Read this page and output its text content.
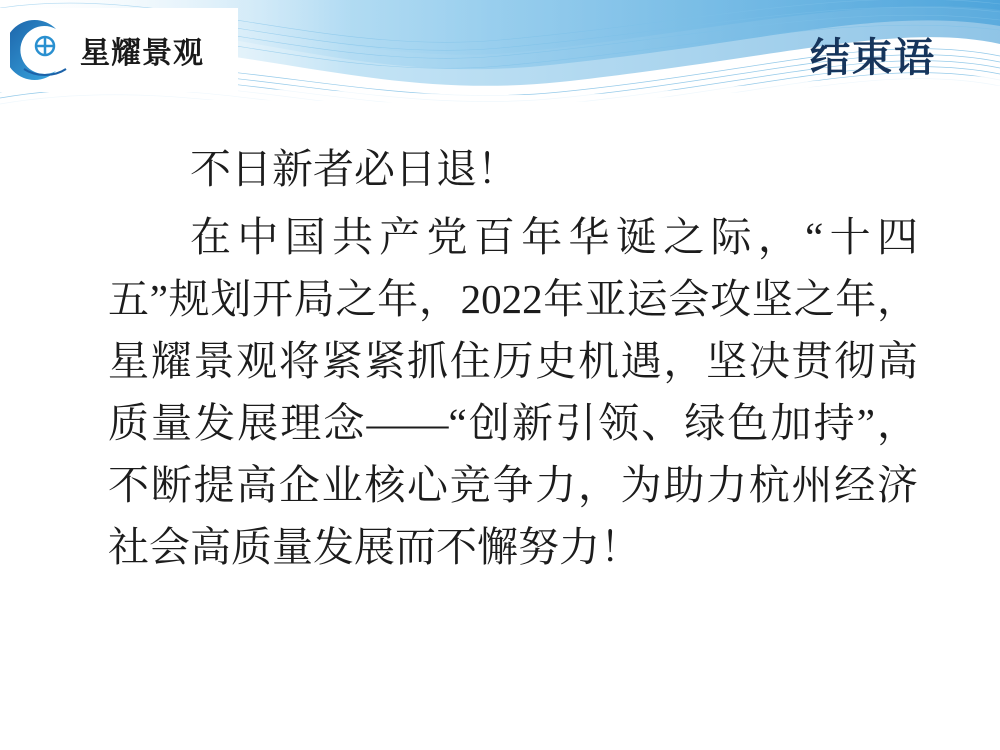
星耀景观	结束语

不日新者必日退！

在中国共产党百年华诞之际，“十四五”规划开局之年，2022年亚运会攻坚之年，星耀景观将紧紧抓住历史机遇，坚决贯彻高质量发展理念——“创新引领、绿色加持”，不断提高企业核心竞争力，为助力杭州经济社会高质量发展而不懈努力！
